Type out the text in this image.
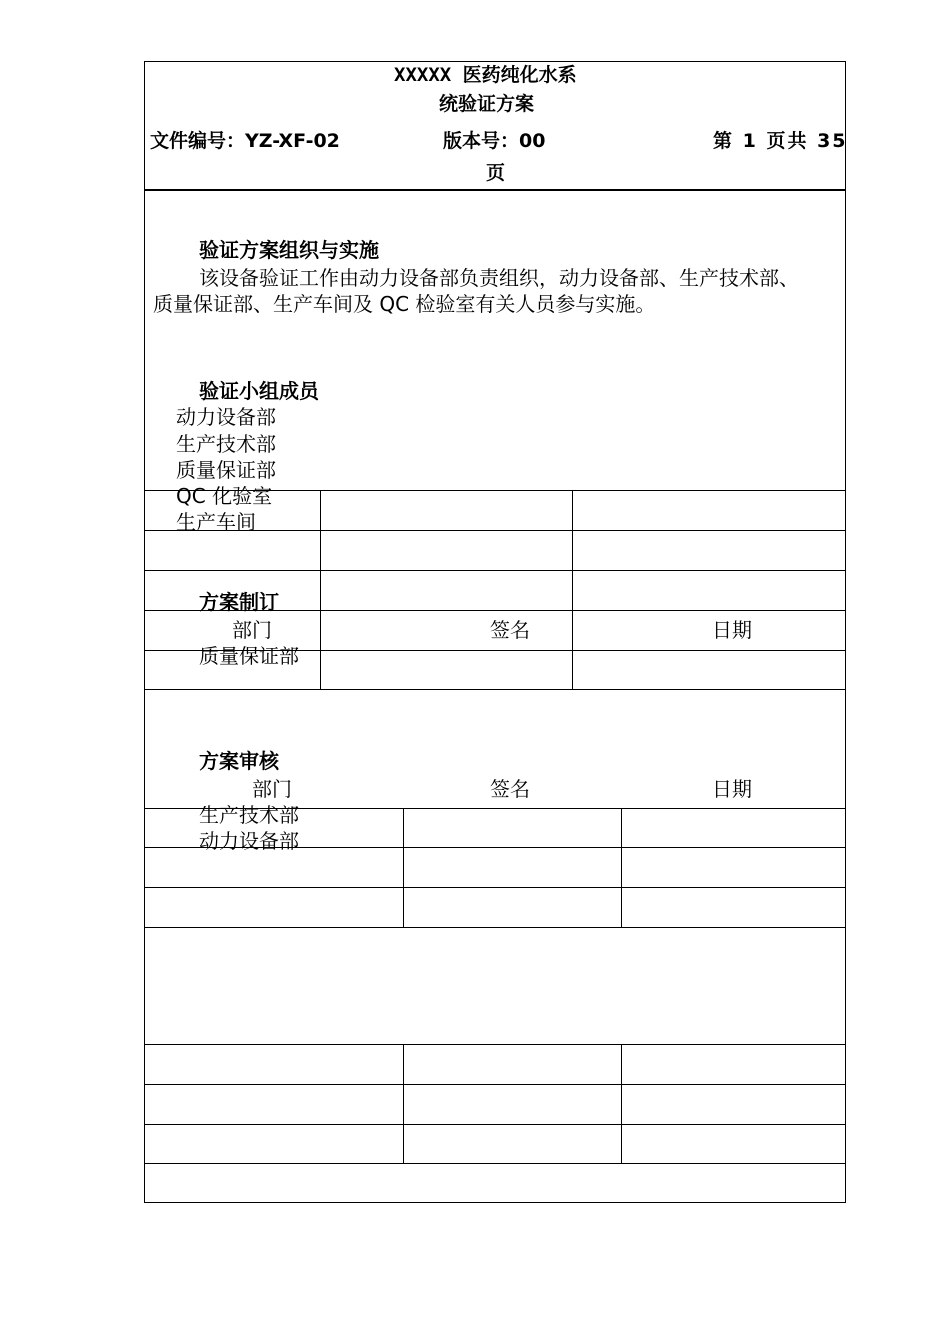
XXXXX 医药纯化水系
统验证方案
文件编号：YZ-XF-02	版本号：00	第 1 页共 35
页
验证方案组织与实施
该设备验证工作由动力设备部负责组织，动力设备部、生产技术部、
质量保证部、生产车间及 QC 检验室有关人员参与实施。
验证小组成员
动力设备部
生产技术部
质量保证部
QC 化验室
生产车间
方案制订
部门	签名	日期
质量保证部
方案审核
部门	签名	日期
生产技术部
动力设备部
